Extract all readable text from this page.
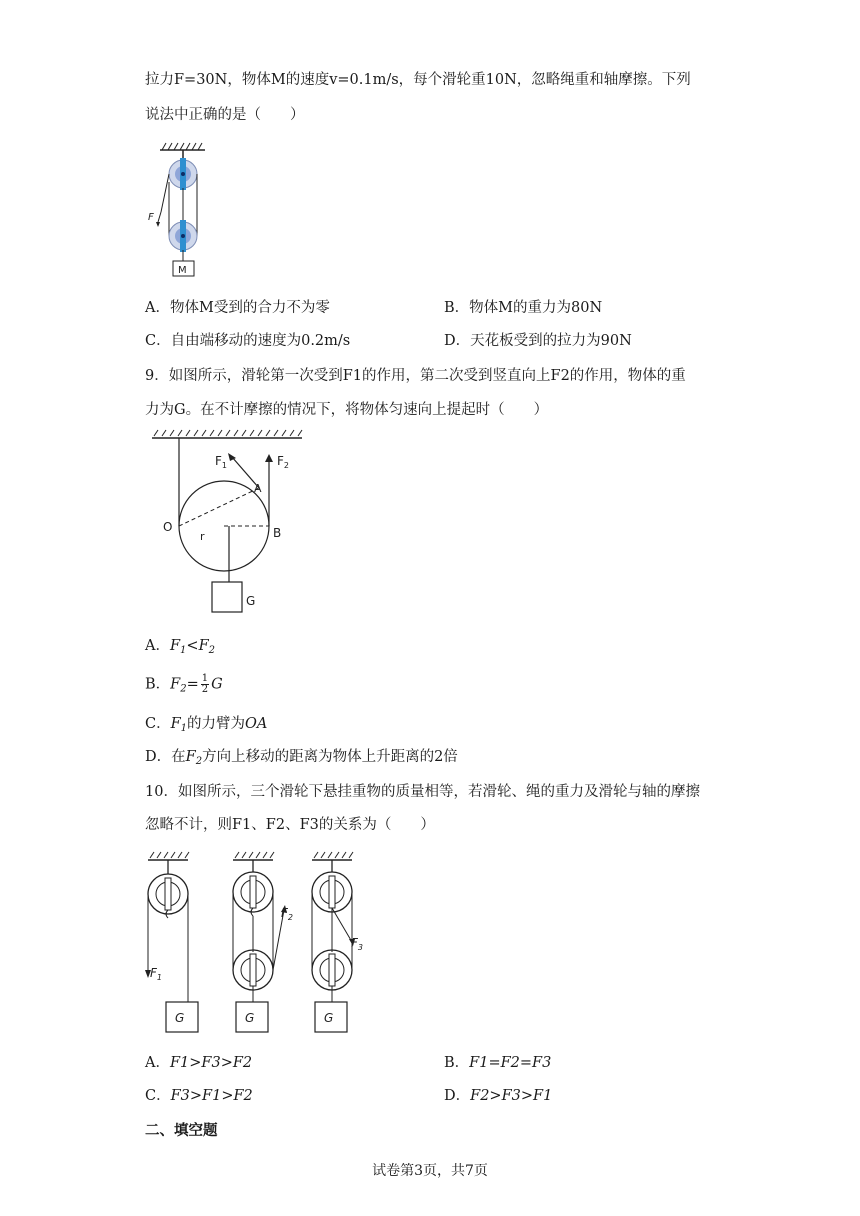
拉力F=30N，物体M的速度v=0.1m/s，每个滑轮重10N，忽略绳重和轴摩擦。下列
说法中正确的是（　　）
F
M
A．物体M受到的合力不为零	B．物体M的重力为80N
C．自由端移动的速度为0.2m/s	D．天花板受到的拉力为90N
9．如图所示，滑轮第一次受到F1的作用，第二次受到竖直向上F2的作用，物体的重
力为G。在不计摩擦的情况下，将物体匀速向上提起时（　　）
$F_1$	$F_2$
A
O	B
r
G
A．$F_1<F_2$
B．$F_2= \frac{1}{2}$ G
C．$F_1$的力臂为OA
D．在$F_2$方向上移动的距离为物体上升距离的2倍
10．如图所示，三个滑轮下悬挂重物的质量相等，若滑轮、绳的重力及滑轮与轴的摩擦
忽略不计，则F1、F2、F3的关系为（　　）
$F_1$
G
$F_2$
G
$F_3$
G
A．F1>F3>F2	B．F1=F2=F3
C．F3>F1>F2	D．F2>F3>F1
二、填空题
试卷第3页，共7页
